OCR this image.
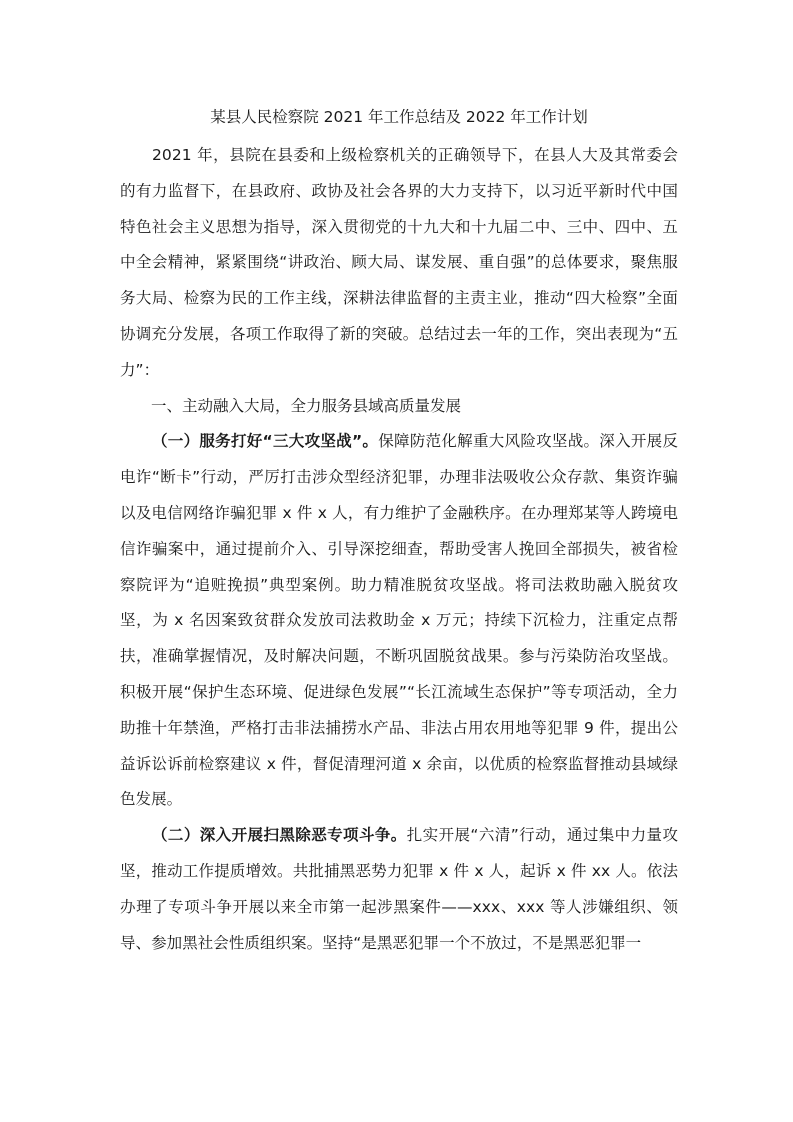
某县人民检察院 2021 年工作总结及 2022 年工作计划

2021 年，县院在县委和上级检察机关的正确领导下，在县人大及其常委会的有力监督下，在县政府、政协及社会各界的大力支持下，以习近平新时代中国特色社会主义思想为指导，深入贯彻党的十九大和十九届二中、三中、四中、五中全会精神，紧紧围绕“讲政治、顾大局、谋发展、重自强”的总体要求，聚焦服务大局、检察为民的工作主线，深耕法律监督的主责主业，推动“四大检察”全面协调充分发展，各项工作取得了新的突破。总结过去一年的工作，突出表现为“五力”：

一、主动融入大局，全力服务县域高质量发展

（一）服务打好“三大攻坚战”。保障防范化解重大风险攻坚战。深入开展反电诈“断卡”行动，严厉打击涉众型经济犯罪，办理非法吸收公众存款、集资诈骗以及电信网络诈骗犯罪 x 件 x 人，有力维护了金融秩序。在办理郑某等人跨境电信诈骗案中，通过提前介入、引导深挖细查，帮助受害人挽回全部损失，被省检察院评为“追赃挽损”典型案例。助力精准脱贫攻坚战。将司法救助融入脱贫攻坚，为 x 名因案致贫群众发放司法救助金 x 万元；持续下沉检力，注重定点帮扶，准确掌握情况，及时解决问题，不断巩固脱贫战果。参与污染防治攻坚战。积极开展“保护生态环境、促进绿色发展”“长江流域生态保护”等专项活动，全力助推十年禁渔，严格打击非法捕捞水产品、非法占用农用地等犯罪 9 件，提出公益诉讼诉前检察建议 x 件，督促清理河道 x 余亩，以优质的检察监督推动县域绿色发展。

（二）深入开展扫黑除恶专项斗争。扎实开展“六清”行动，通过集中力量攻坚，推动工作提质增效。共批捕黑恶势力犯罪 x 件 x 人，起诉 x 件 xx 人。依法办理了专项斗争开展以来全市第一起涉黑案件——xxx、xxx 等人涉嫌组织、领导、参加黑社会性质组织案。坚持“是黑恶犯罪一个不放过，不是黑恶犯罪一
